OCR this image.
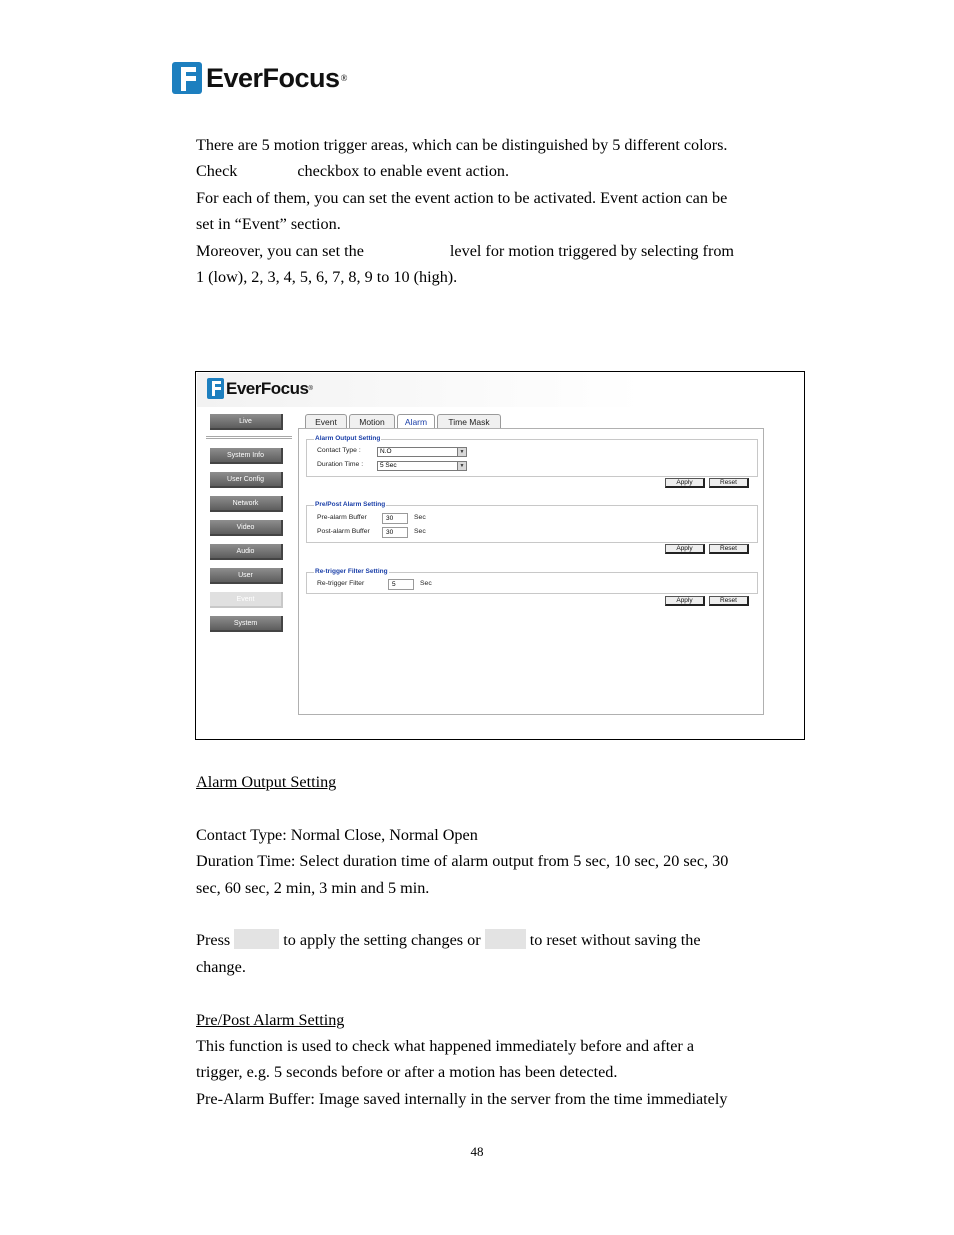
EverFocus ®
There are 5 motion trigger areas, which can be distinguished by 5 different colors.
Check	checkbox to enable event action.
For each of them, you can set the event action to be activated. Event action can be
set in “Event” section.
Moreover, you can set the	level for motion triggered by selecting from
1 (low), 2, 3, 4, 5, 6, 7, 8, 9 to 10 (high).
EverFocus ®
Live
System Info
User Config
Network
Video
Audio
User
Event
System
Event	Motion	Alarm	Time Mask
Alarm Output Setting
Contact Type :	N.O	▼
Duration Time :	5 Sec	▼
Apply	Reset
Pre/Post Alarm Setting
Pre-alarm Buffer	30	Sec
Post-alarm Buffer	30	Sec
Apply	Reset
Re-trigger Filter Setting
Re-trigger Filter	5	Sec
Apply	Reset
Alarm Output Setting
Contact Type: Normal Close, Normal Open
Duration Time: Select duration time of alarm output from 5 sec, 10 sec, 20 sec, 30
sec, 60 sec, 2 min, 3 min and 5 min.
Press	to apply the setting changes or	to reset without saving the
change.
Pre/Post Alarm Setting
This function is used to check what happened immediately before and after a
trigger, e.g. 5 seconds before or after a motion has been detected.
Pre-Alarm Buffer: Image saved internally in the server from the time immediately
48
